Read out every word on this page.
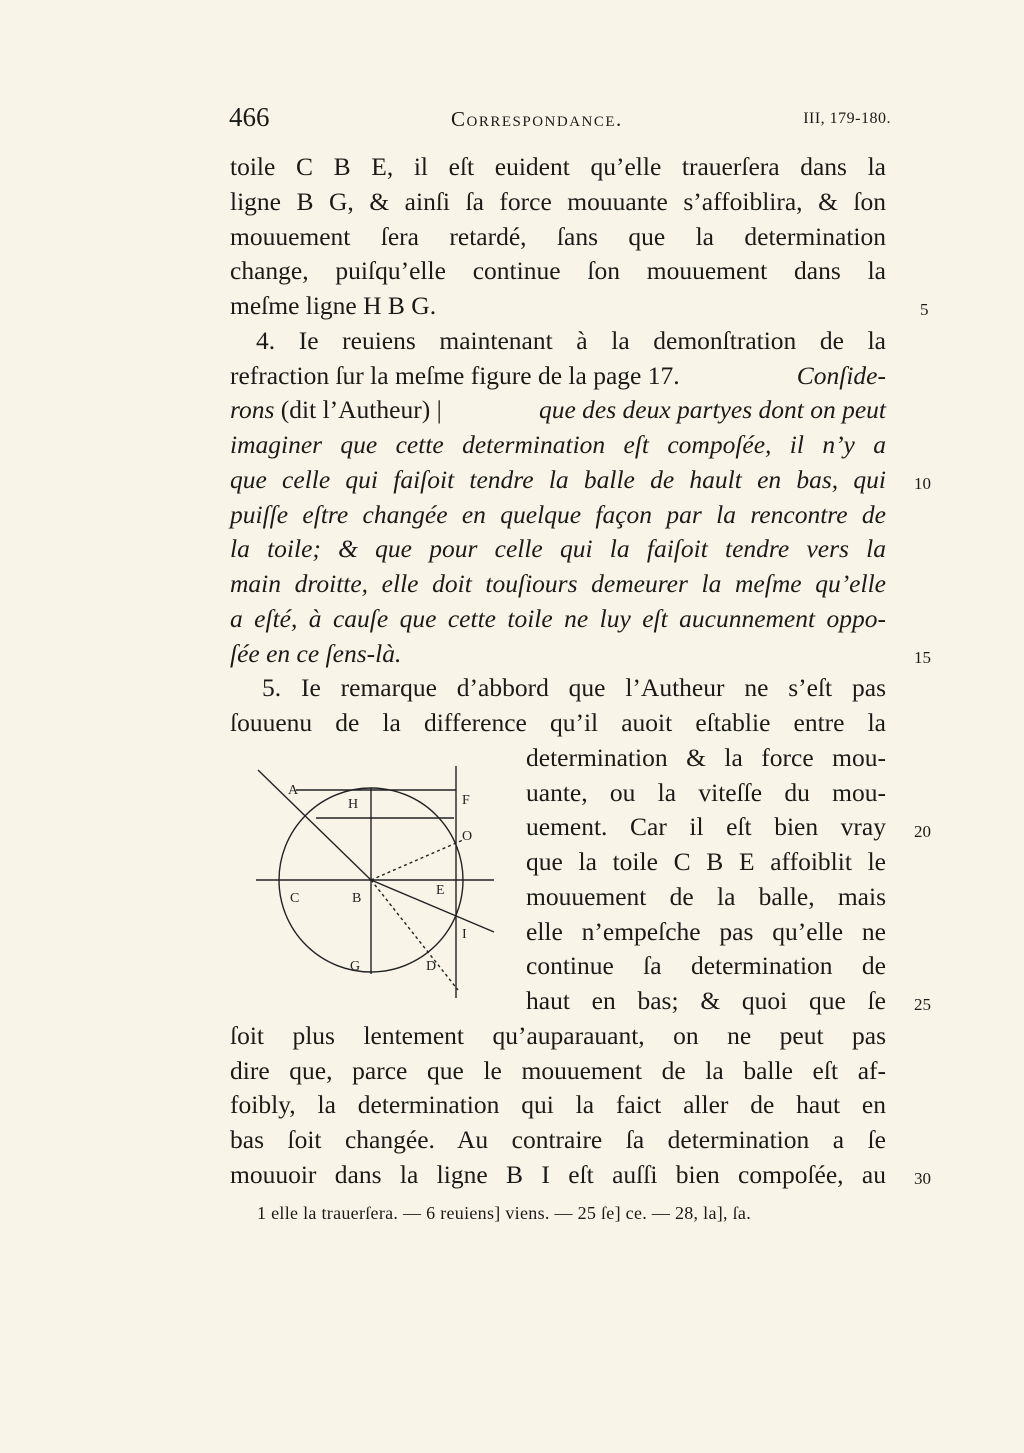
466	Correspondance.	III, 179-180.
toile C B E, il eſt euident qu’elle trauerſera dans la
ligne B G, & ainſi ſa force mouuante s’affoiblira, & ſon
mouuement ſera retardé, ſans que la determination
change, puiſqu’elle continue ſon mouuement dans la
meſme ligne H B G.
4. Ie reuiens maintenant à la demonſtration de la
refraction ſur la meſme figure de la page 17.	Conſide-
rons (dit l’Autheur) |	que des deux partyes dont on peut
imaginer que cette determination eſt compoſée, il n’y a
que celle qui faiſoit tendre la balle de hault en bas, qui
puiſſe eſtre changée en quelque façon par la rencontre de
la toile; & que pour celle qui la faiſoit tendre vers la
main droitte, elle doit touſiours demeurer la meſme qu’elle
a eſté, à cauſe que cette toile ne luy eſt aucunnement oppo-
ſée en ce ſens-là.
5. Ie remarque d’abbord que l’Autheur ne s’eſt pas
ſouuenu de la difference qu’il auoit eſtablie entre la
determination & la force mou-
uante, ou la viteſſe du mou-
uement. Car il eſt bien vray
que la toile C B E affoiblit le
mouuement de la balle, mais
elle n’empeſche pas qu’elle ne
continue ſa determination de
haut en bas; & quoi que ſe
ſoit plus lentement qu’auparauant, on ne peut pas
dire que, parce que le mouuement de la balle eſt af-
foibly, la determination qui la faict aller de haut en
bas ſoit changée. Au contraire ſa determination a ſe
mouuoir dans la ligne B I eſt auſſi bien compoſée, au
5
10
15
20
25
30
A
H	F
O
C	B
E
I
G	D
1 elle la trauerſera. — 6 reuiens] viens. — 25 ſe] ce. — 28, la], ſa.
